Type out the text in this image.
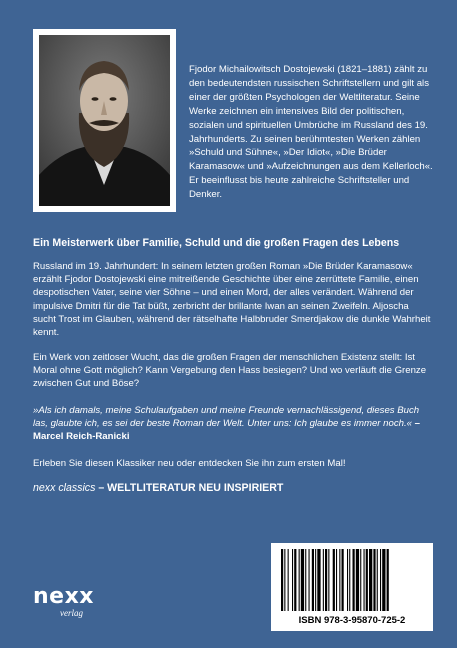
Fjodor Michailowitsch Dostojewski (1821–1881) zählt zu den bedeutendsten russischen Schriftstellern und gilt als einer der größten Psychologen der Weltliteratur. Seine Werke zeichnen ein intensives Bild der politischen, sozialen und spirituellen Umbrüche im Russland des 19. Jahrhunderts. Zu seinen berühmtesten Werken zählen »Schuld und Sühne«, »Der Idiot«, »Die Brüder Karamasow« und »Aufzeichnungen aus dem Kellerloch«. Er beeinflusst bis heute zahlreiche Schriftsteller und Denker.

Ein Meisterwerk über Familie, Schuld und die großen Fragen des Lebens

Russland im 19. Jahrhundert: In seinem letzten großen Roman »Die Brüder Karamasow« erzählt Fjodor Dostojewski eine mitreißende Geschichte über eine zerrüttete Familie, einen despotischen Vater, seine vier Söhne – und einen Mord, der alles verändert. Während der impulsive Dmitri für die Tat büßt, zerbricht der brillante Iwan an seinen Zweifeln. Aljoscha sucht Trost im Glauben, während der rätselhafte Halbbruder Smerdjakow die dunkle Wahrheit kennt.

Ein Werk von zeitloser Wucht, das die großen Fragen der menschlichen Existenz stellt: Ist Moral ohne Gott möglich? Kann Vergebung den Hass besiegen? Und wo verläuft die Grenze zwischen Gut und Böse?

»Als ich damals, meine Schulaufgaben und meine Freunde vernachlässigend, dieses Buch las, glaubte ich, es sei der beste Roman der Welt. Unter uns: Ich glaube es immer noch.« – Marcel Reich-Ranicki

Erleben Sie diesen Klassiker neu oder entdecken Sie ihn zum ersten Mal!

nexx classics – WELTLITERATUR NEU INSPIRIERT

nexx
verlag
ISBN 978-3-95870-725-2
